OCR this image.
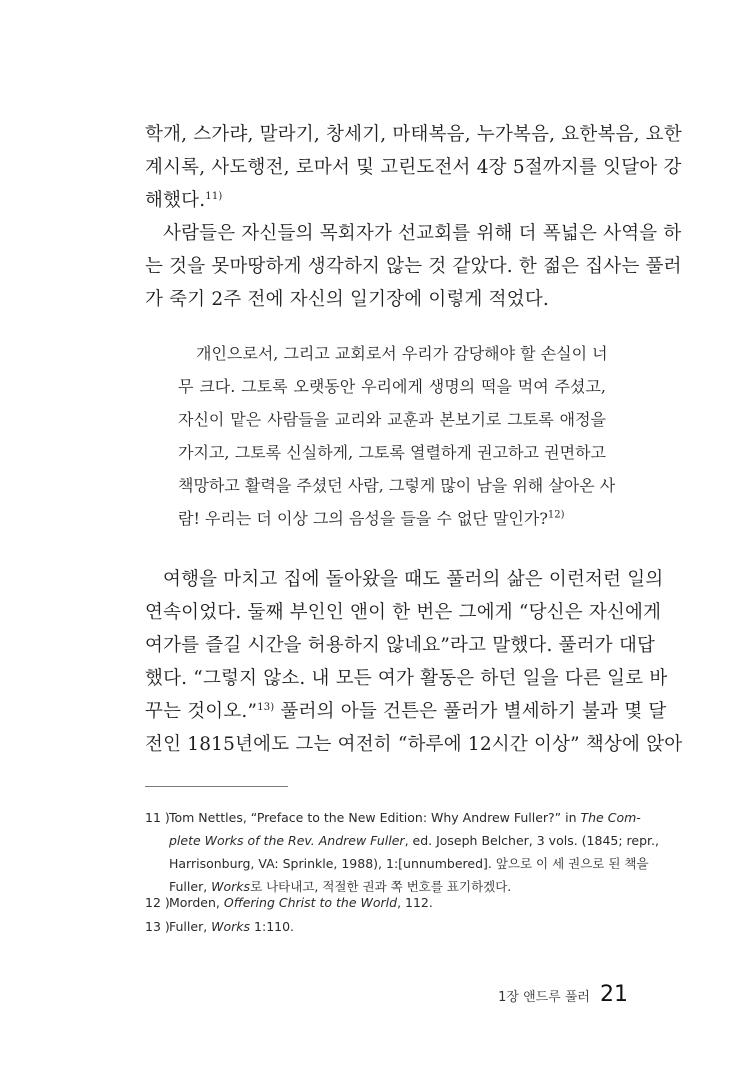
학개, 스가랴, 말라기, 창세기, 마태복음, 누가복음, 요한복음, 요한
계시록, 사도행전, 로마서 및 고린도전서 4장 5절까지를 잇달아 강
해했다.$^{11)}$
사람들은 자신들의 목회자가 선교회를 위해 더 폭넓은 사역을 하
는 것을 못마땅하게 생각하지 않는 것 같았다. 한 젊은 집사는 풀러
가 죽기 2주 전에 자신의 일기장에 이렇게 적었다.
개인으로서, 그리고 교회로서 우리가 감당해야 할 손실이 너
무 크다. 그토록 오랫동안 우리에게 생명의 떡을 먹여 주셨고,
자신이 맡은 사람들을 교리와 교훈과 본보기로 그토록 애정을
가지고, 그토록 신실하게, 그토록 열렬하게 권고하고 권면하고
책망하고 활력을 주셨던 사람, 그렇게 많이 남을 위해 살아온 사
람! 우리는 더 이상 그의 음성을 들을 수 없단 말인가?$^{12)}$
여행을 마치고 집에 돌아왔을 때도 풀러의 삶은 이런저런 일의
연속이었다. 둘째 부인인 앤이 한 번은 그에게 “당신은 자신에게
여가를 즐길 시간을 허용하지 않네요”라고 말했다. 풀러가 대답
했다. “그렇지 않소. 내 모든 여가 활동은 하던 일을 다른 일로 바
꾸는 것이오.”$^{13)}$ 풀러의 아들 건튼은 풀러가 별세하기 불과 몇 달
전인 1815년에도 그는 여전히 “하루에 12시간 이상” 책상에 앉아
11 ) Tom Nettles, “Preface to the New Edition: Why Andrew Fuller?” in The Com-
plete Works of the Rev. Andrew Fuller, ed. Joseph Belcher, 3 vols. (1845; repr.,
Harrisonburg, VA: Sprinkle, 1988), 1:[unnumbered]. 앞으로 이 세 권으로 된 책을
Fuller, Works로 나타내고, 적절한 권과 쪽 번호를 표기하겠다.
12 ) Morden, Offering Christ to the World, 112.
13 ) Fuller, Works 1:110.
1장 앤드루 풀러 21
